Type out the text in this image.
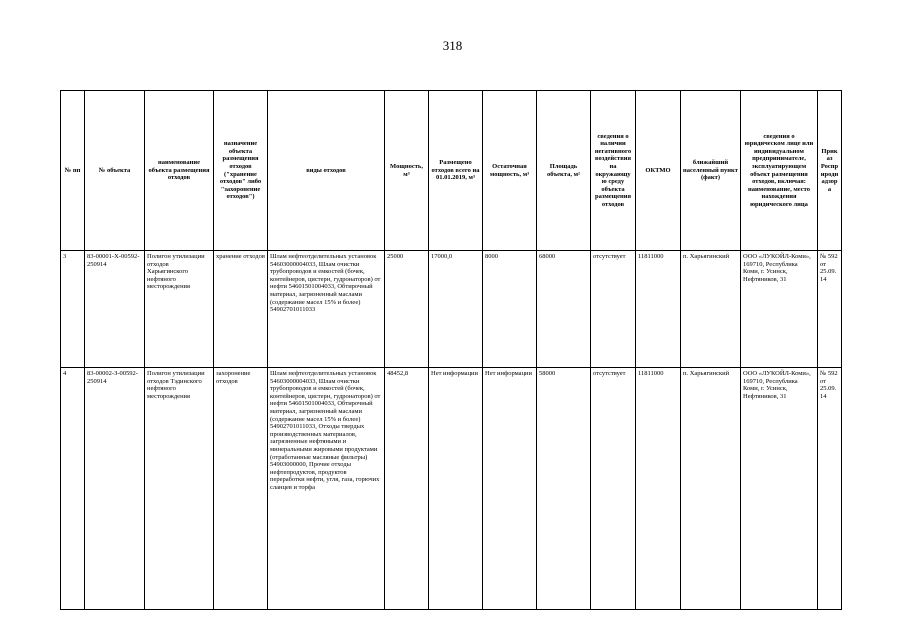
318
№ пп	№ объекта	наименование объекта размещения отходов	назначение объекта размещения отходов ("хранение отходов" либо "захоронение отходов")	виды отходов	Мощность, м³	Размещено отходов всего на 01.01.2019, м³	Остаточная мощность, м³	Площадь объекта, м²	сведения о наличии негативного воздействия на окружающую среду объекта размещения отходов	ОКТМО	ближайший населенный пункт (факт)	сведения о юридическом лице или индивидуальном предпринимателе, эксплуатирующем объект размещения отходов, включая: наименование, место нахождения юридического лица	Приказ Росприроднадзора
3	83-00001-Х-00592-250914	Полигон утилизации отходов Харьягинского нефтяного месторождения	хранение отходов	Шлам нефтеотделительных установок 54603000004033, Шлам очистки трубопроводов и емкостей (бочек, контейнеров, цистерн, гудронаторов) от нефти 54601501004033, Обтирочный материал, загрязненный маслами (содержание масел 15% и более) 54902701011033	25000	17000,0	8000	68000	отсутствует	11811000	п. Харьягинский	ООО «ЛУКОЙЛ-Коми», 169710, Республика Коми, г. Усинск, Нефтяников, 31	№ 592 от 25.09.14
4	83-00002-З-00592-250914	Полигон утилизации отходов Тэдинского нефтяного месторождения	захоронение отходов	Шлам нефтеотделительных установок 54603000004033, Шлам очистки трубопроводов и емкостей (бочек, контейнеров, цистерн, гудронаторов) от нефти 54601501004033, Обтирочный материал, загрязненный маслами (содержание масел 15% и более) 54902701011033, Отходы твердых производственных материалов, загрязненные нефтяными и минеральными жировыми продуктами (отработанные масляные фильтры) 54903000000, Прочие отходы нефтепродуктов, продуктов переработки нефти, угля, газа, горючих сланцев и торфа	48452,8	Нет информации	Нет информации	58000	отсутствует	11811000	п. Харьягинский	ООО «ЛУКОЙЛ-Коми», 169710, Республика Коми, г. Усинск, Нефтяников, 31	№ 592 от 25.09.14
